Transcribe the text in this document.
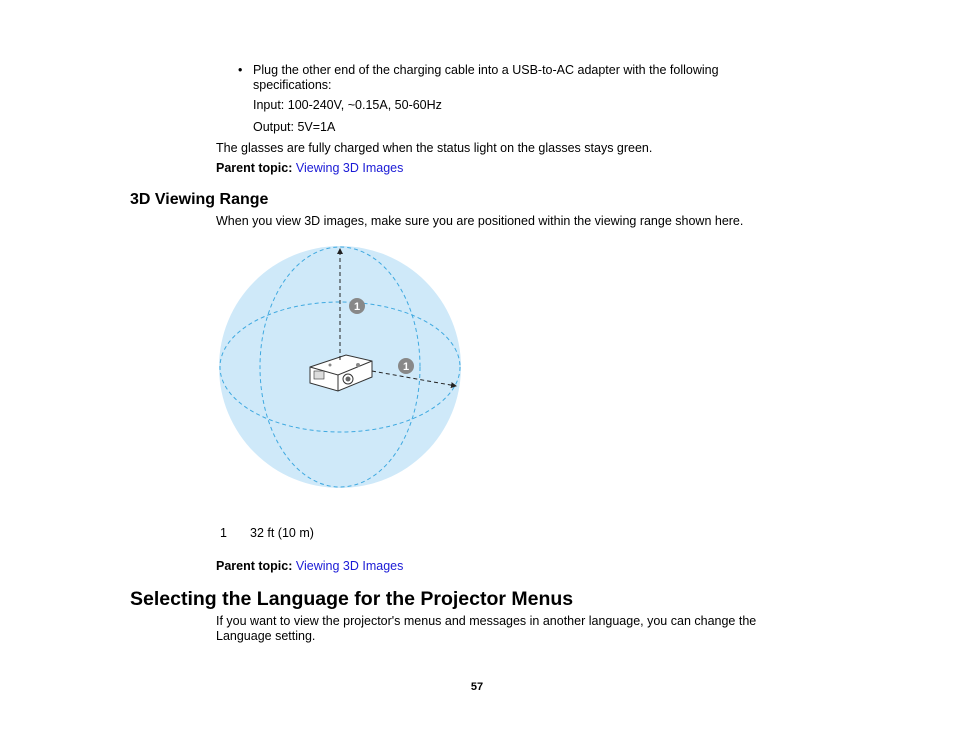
• Plug the other end of the charging cable into a USB-to-AC adapter with the following specifications:
Input: 100-240V, ~0.15A, 50-60Hz
Output: 5V=1A
The glasses are fully charged when the status light on the glasses stays green.
Parent topic: Viewing 3D Images
3D Viewing Range
When you view 3D images, make sure you are positioned within the viewing range shown here.
1
1
1 32 ft (10 m)
Parent topic: Viewing 3D Images
Selecting the Language for the Projector Menus
If you want to view the projector's menus and messages in another language, you can change the Language setting.
57
